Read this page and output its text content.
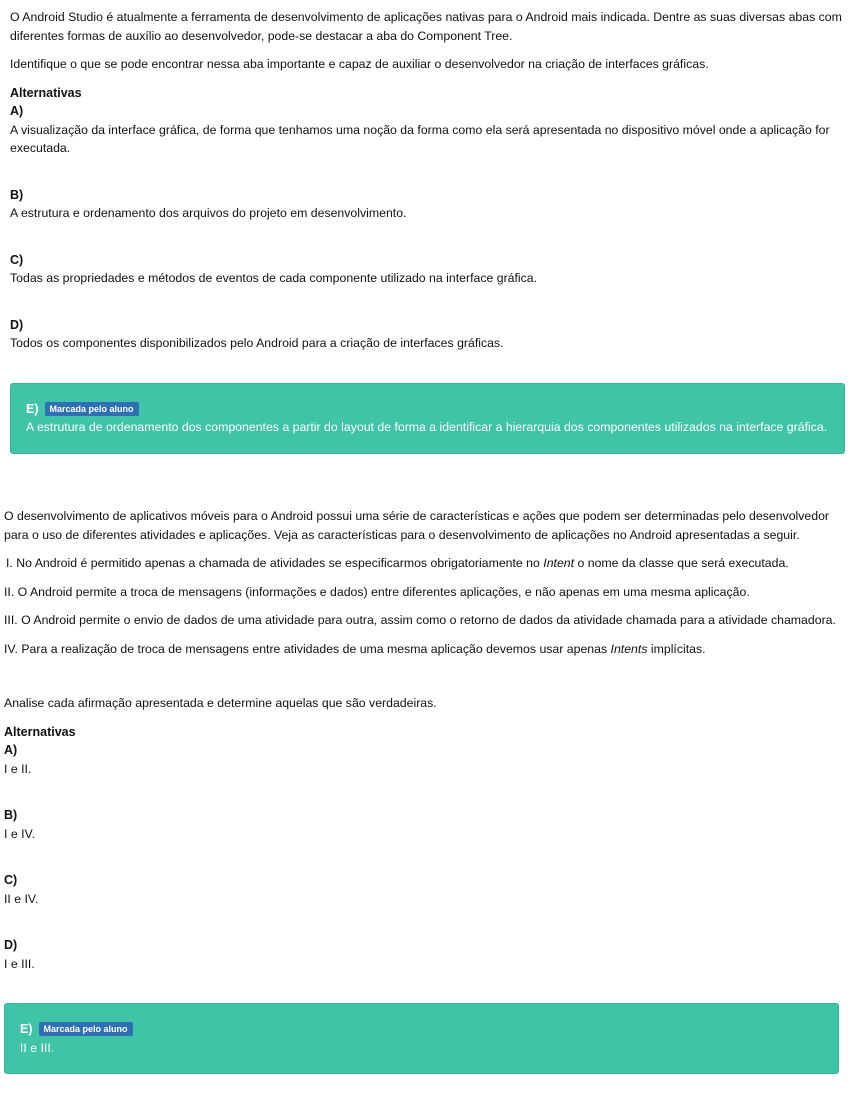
O Android Studio é atualmente a ferramenta de desenvolvimento de aplicações nativas para o Android mais indicada. Dentre as suas diversas abas com diferentes formas de auxílio ao desenvolvedor, pode-se destacar a aba do Component Tree.

Identifique o que se pode encontrar nessa aba importante e capaz de auxiliar o desenvolvedor na criação de interfaces gráficas.

Alternativas
A)
A visualização da interface gráfica, de forma que tenhamos uma noção da forma como ela será apresentada no dispositivo móvel onde a aplicação for executada.
B)
A estrutura e ordenamento dos arquivos do projeto em desenvolvimento.
C)
Todas as propriedades e métodos de eventos de cada componente utilizado na interface gráfica.
D)
Todos os componentes disponibilizados pelo Android para a criação de interfaces gráficas.
E)	Marcada pelo aluno
A estrutura de ordenamento dos componentes a partir do layout de forma a identificar a hierarquia dos componentes utilizados na interface gráfica.

O desenvolvimento de aplicativos móveis para o Android possui uma série de características e ações que podem ser determinadas pelo desenvolvedor para o uso de diferentes atividades e aplicações. Veja as características para o desenvolvimento de aplicações no Android apresentadas a seguir.

I. No Android é permitido apenas a chamada de atividades se especificarmos obrigatoriamente no Intent o nome da classe que será executada.

II. O Android permite a troca de mensagens (informações e dados) entre diferentes aplicações, e não apenas em uma mesma aplicação.

III. O Android permite o envio de dados de uma atividade para outra, assim como o retorno de dados da atividade chamada para a atividade chamadora.

IV. Para a realização de troca de mensagens entre atividades de uma mesma aplicação devemos usar apenas Intents implícitas.

Analise cada afirmação apresentada e determine aquelas que são verdadeiras.

Alternativas
A)
I e II.
B)
I e IV.
C)
II e IV.
D)
I e III.
E)	Marcada pelo aluno
II e III.
